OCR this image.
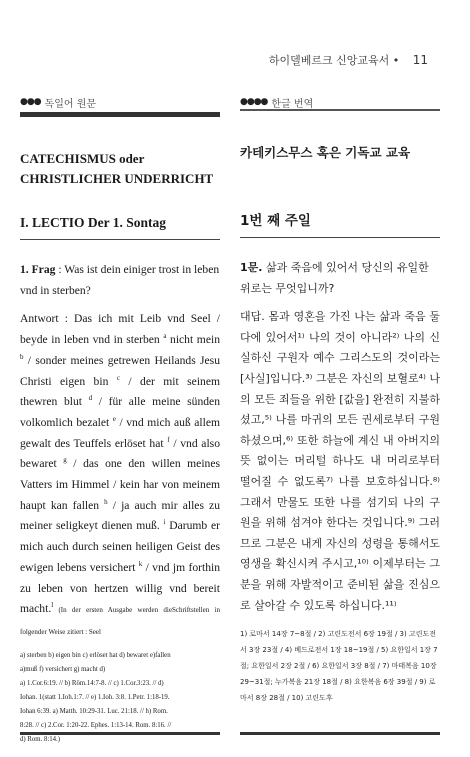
하이델베르크 신앙교육서 • 11
●●● 독일어 원문
CATECHISMUS oder
CHRISTLICHER UNDERRICHT
I. LECTIO Der 1. Sontag

1. Frag : Was ist dein einiger trost in leben vnd in sterben?

Antwort : Das ich mit Leib vnd Seel / beyde in leben vnd in sterben $^a$ nicht mein $^b$ / sonder meines getrewen Heilands Jesu Christi eigen bin $^c$ / der mit seinem thewren blut $^d$ / für alle meine sünden volkomlich bezalet $^e$ / vnd mich auß allem gewalt des Teuffels erlöset hat $^f$ / vnd also bewaret $^g$ / das one den willen meines Vatters im Himmel / kein har von meinem haupt kan fallen $^h$ / ja auch mir alles zu meiner seligkeyt dienen muß. $^i$ Darumb er mich auch durch seinen heiligen Geist des ewigen lebens versichert $^k$ / vnd jm forthin zu leben von hertzen willig vnd bereit macht.$^l$ (In der ersten Ausgabe werden dieSchriftstellen in folgender Weise zitiert : Seel

a) sterben b) eigen bin c) erlöset hat d) bewaret e)fallen
a)muß f) versichert g) macht d)
a) 1.Cor.6:19. // b) Röm.14:7-8. // c) 1.Cor.3:23. // d)
Iohan. 1(statt 1.Ioh.1:7. // e) 1.Ioh. 3:8. 1.Petr. 1:18-19.
Iohan 6:39. a) Matth. 10:29-31. Luc. 21:18. // h) Rom.
8:28. // c) 2.Cor. 1:20-22. Ephes. 1:13-14. Rom. 8:16. //
d) Rom. 8:14.)
●●●● 한글 번역
카테키스무스 혹은 기독교 교육
1번 째 주일

1문. 삶과 죽음에 있어서 당신의 유일한 위로는 무엇입니까?

대답. 몸과 영혼을 가진 나는 삶과 죽음 둘 다에 있어서¹⁾ 나의 것이 아니라²⁾ 나의 신실하신 구원자 예수 그리스도의 것이라는 [사실]입니다.³⁾ 그분은 자신의 보혈로⁴⁾ 나의 모든 죄들을 위한 [값을] 완전히 지불하셨고,⁵⁾ 나를 마귀의 모든 권세로부터 구원하셨으며,⁶⁾ 또한 하늘에 계신 내 아버지의 뜻 없이는 머리털 하나도 내 머리로부터 떨어질 수 없도록⁷⁾ 나를 보호하십니다.⁸⁾ 그래서 만물도 또한 나를 섬기되 나의 구원을 위해 섬겨야 한다는 것입니다.⁹⁾ 그러므로 그분은 내게 자신의 성령을 통해서도 영생을 확신시켜 주시고,¹⁰⁾ 이제부터는 그분을 위해 자발적이고 준비된 삶을 진심으로 살아갈 수 있도록 하십니다.¹¹⁾

1) 로마서 14장 7~8절 / 2) 고린도전서 6장 19절 / 3) 고린도전서 3장 23절 / 4) 베드로전서 1장 18~19절 / 5) 요한일서 1장 7절; 요한일서 2장 2절 / 6) 요한일서 3장 8절 / 7) 마태복음 10장 29~31절; 누가복음 21장 18절 / 8) 요한복음 6장 39절 / 9) 로마서 8장 28절 / 10) 고린도후
